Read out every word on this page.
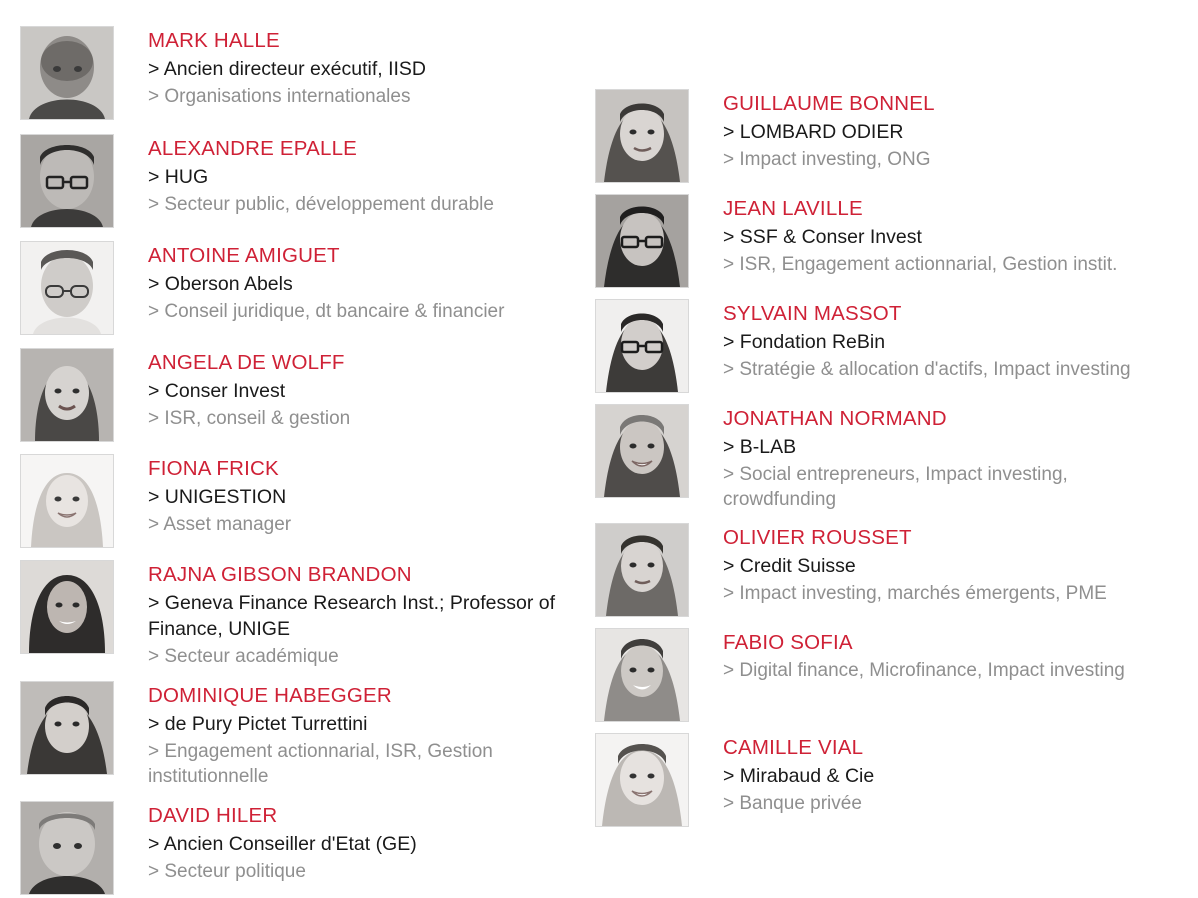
MARK HALLE
> Ancien directeur exécutif, IISD
> Organisations internationales
ALEXANDRE EPALLE
> HUG
> Secteur public, développement durable
ANTOINE AMIGUET
> Oberson Abels
> Conseil juridique, dt bancaire & financier
ANGELA DE WOLFF
> Conser Invest
> ISR, conseil & gestion
FIONA FRICK
> UNIGESTION
> Asset manager
RAJNA GIBSON BRANDON
> Geneva Finance Research Inst.; Professor of Finance, UNIGE
> Secteur académique
DOMINIQUE HABEGGER
> de Pury Pictet Turrettini
> Engagement actionnarial, ISR, Gestion institutionnelle
DAVID HILER
> Ancien Conseiller d'Etat (GE)
> Secteur politique
GUILLAUME BONNEL
> LOMBARD ODIER
> Impact investing, ONG
JEAN LAVILLE
> SSF & Conser Invest
> ISR, Engagement actionnarial, Gestion instit.
SYLVAIN MASSOT
> Fondation ReBin
> Stratégie & allocation d'actifs, Impact investing
JONATHAN NORMAND
> B-LAB
> Social entrepreneurs, Impact investing, crowdfunding
OLIVIER ROUSSET
> Credit Suisse
> Impact investing, marchés émergents, PME
FABIO SOFIA
> Digital finance, Microfinance, Impact investing
CAMILLE VIAL
> Mirabaud & Cie
> Banque privée
